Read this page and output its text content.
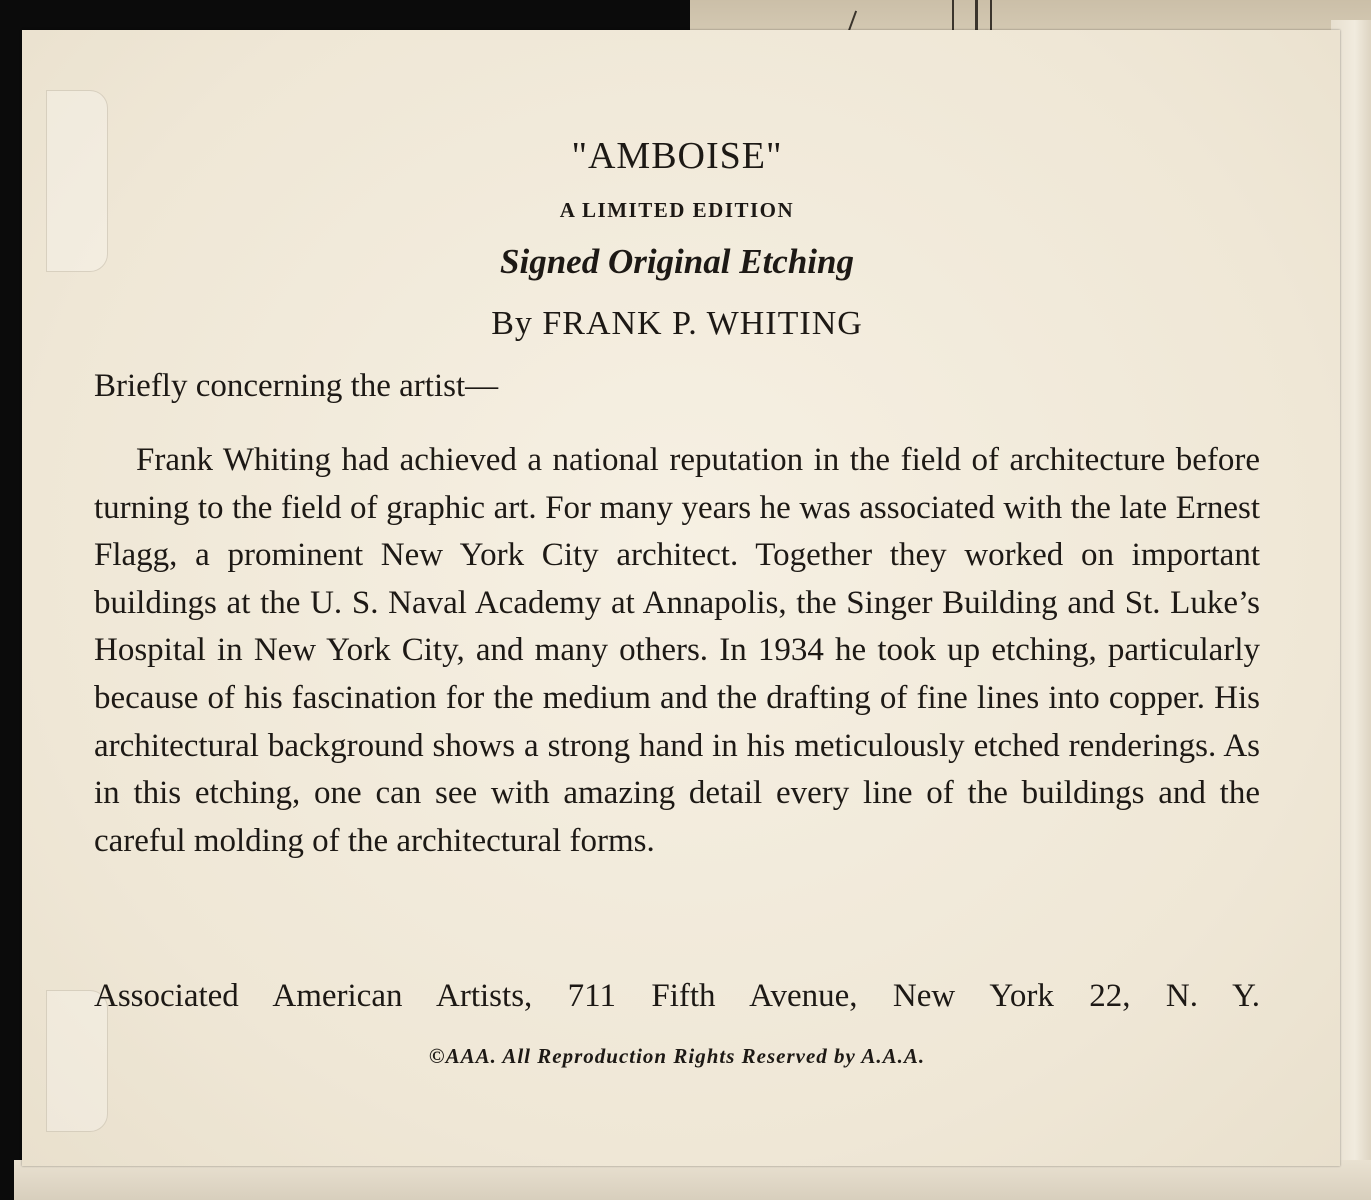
"AMBOISE"
A LIMITED EDITION
Signed Original Etching
By FRANK P. WHITING
Briefly concerning the artist—
Frank Whiting had achieved a national reputation in the field of architecture before turning to the field of graphic art. For many years he was associated with the late Ernest Flagg, a prominent New York City architect. Together they worked on important buildings at the U. S. Naval Academy at Annapolis, the Singer Building and St. Luke’s Hospital in New York City, and many others. In 1934 he took up etching, particularly because of his fascination for the medium and the drafting of fine lines into copper. His architectural background shows a strong hand in his meticulously etched renderings. As in this etching, one can see with amazing detail every line of the buildings and the careful molding of the architectural forms.
Associated American Artists, 711 Fifth Avenue, New York 22, N. Y.
©AAA. All Reproduction Rights Reserved by A.A.A.
